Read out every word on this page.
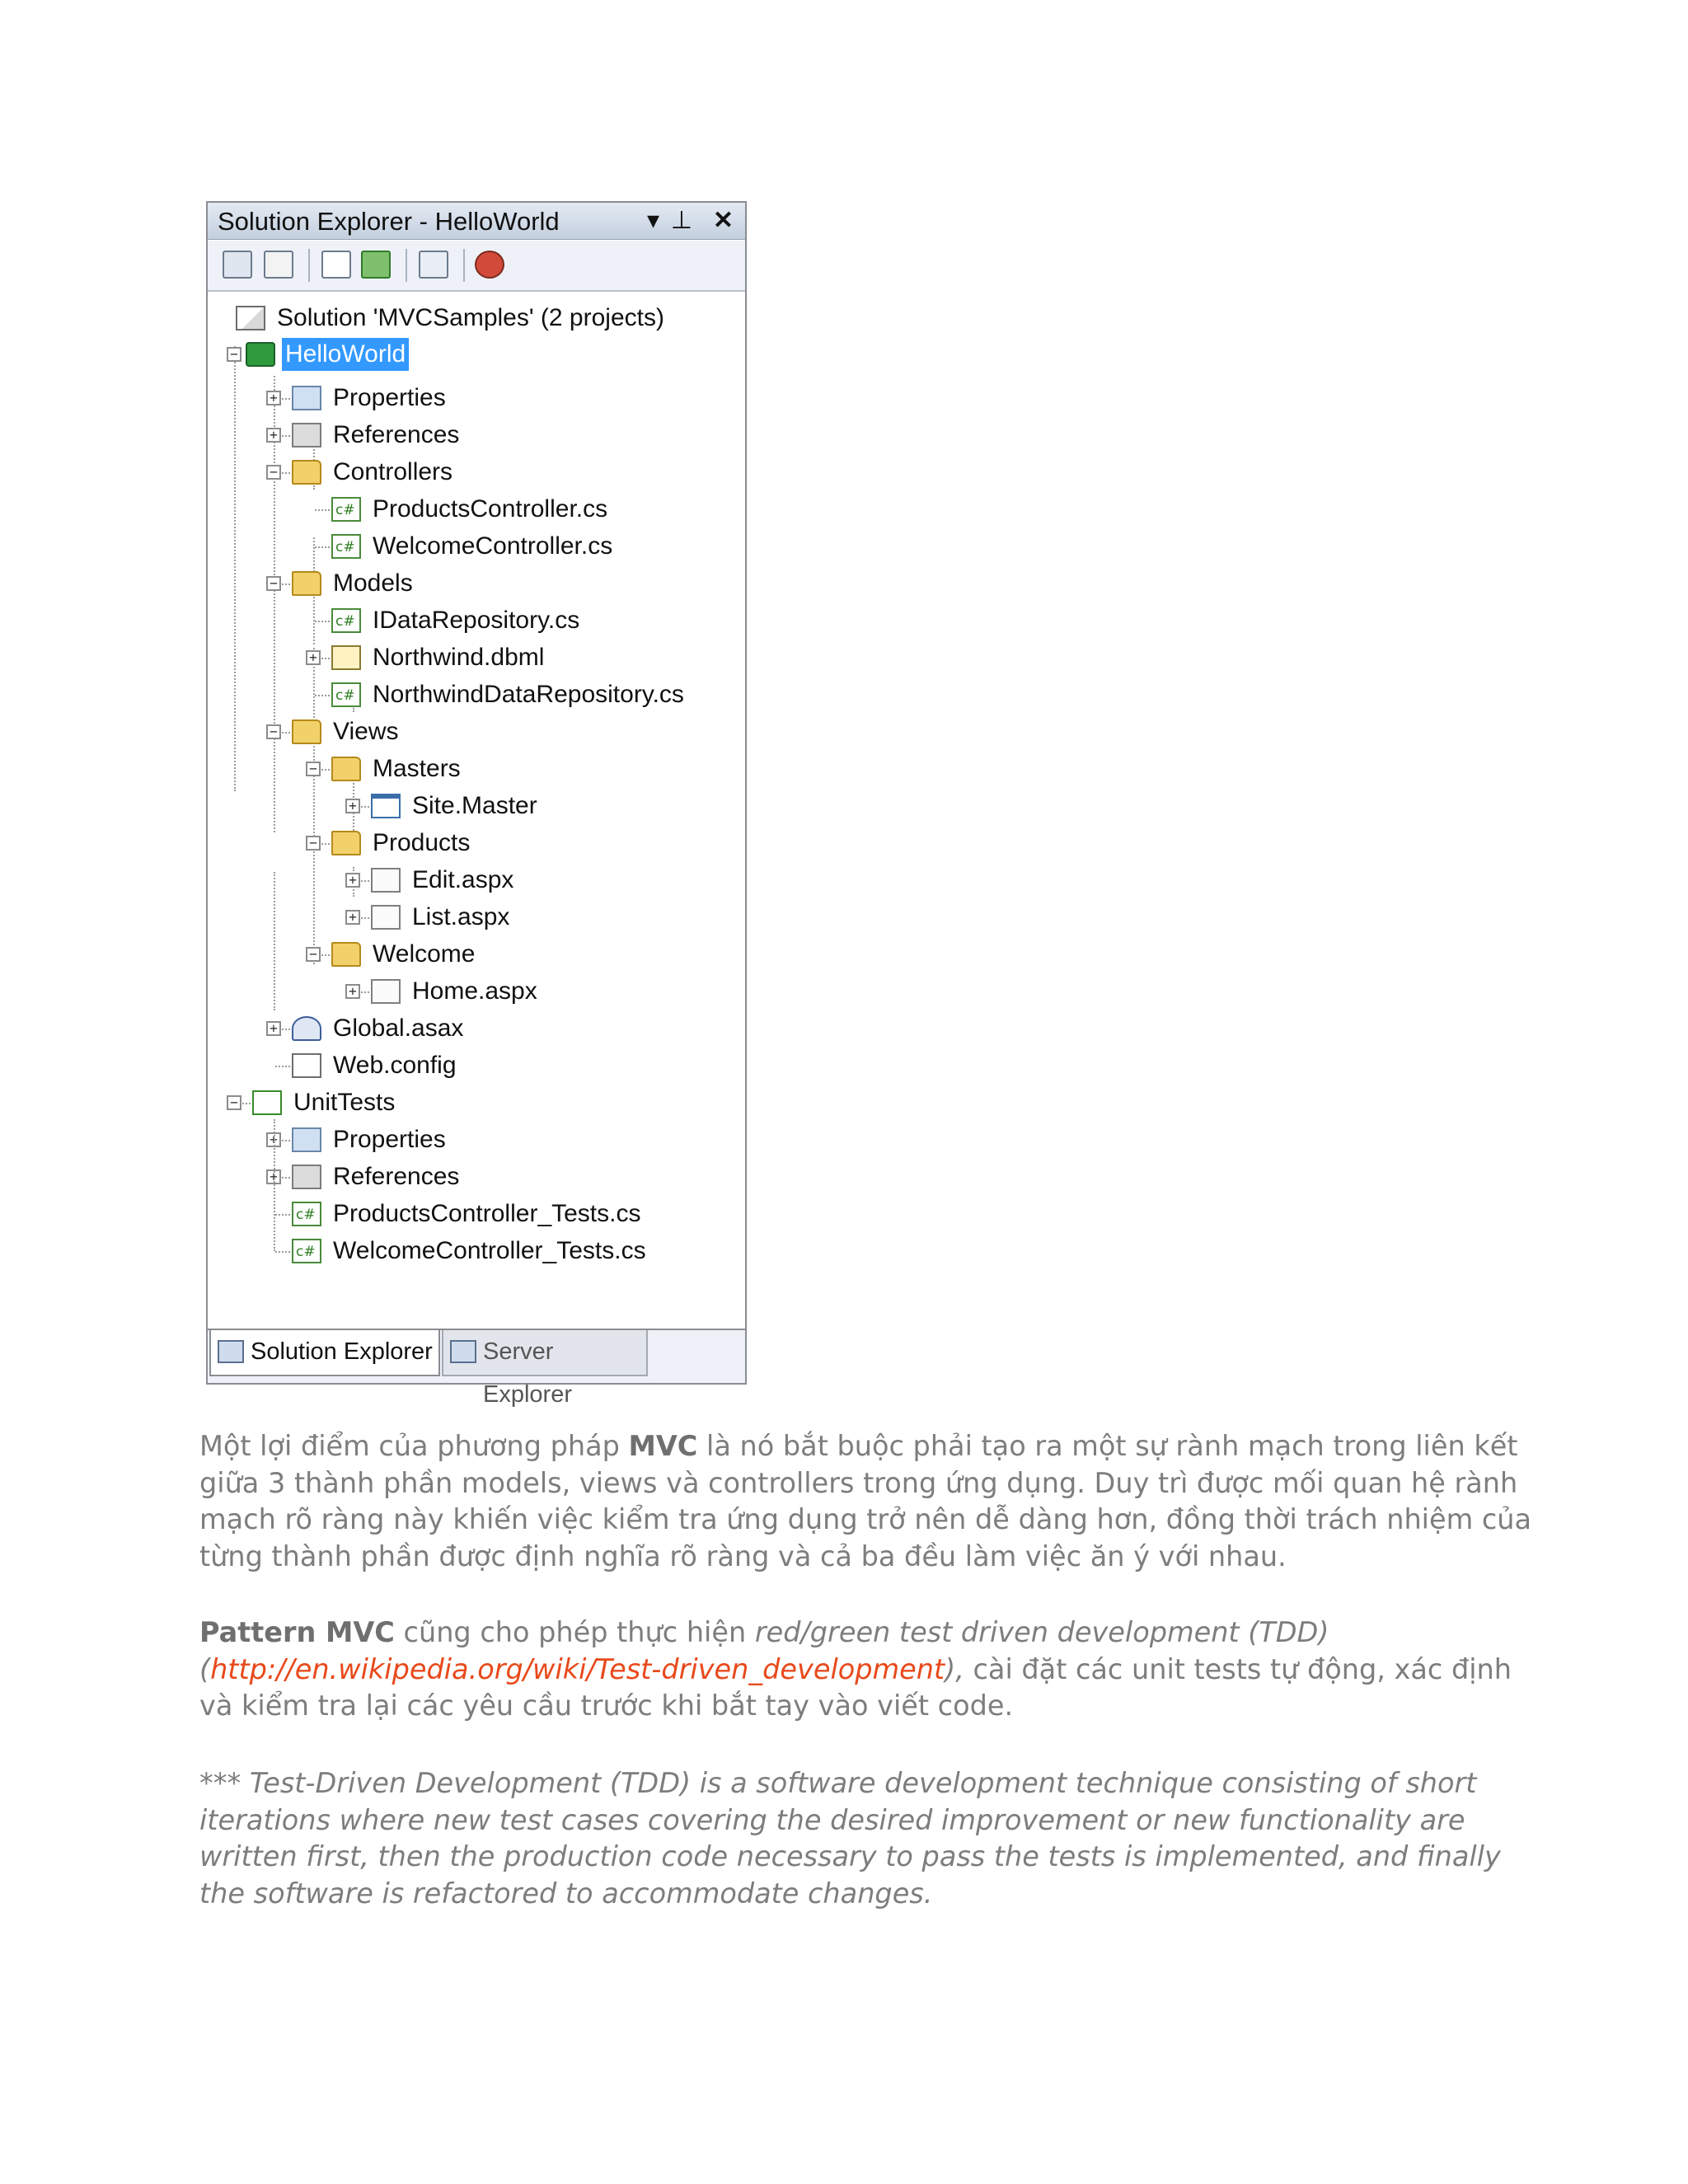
Solution Explorer - HelloWorld	▾ ⊥ ✕
Solution 'MVCSamples' (2 projects)
− HelloWorld
+ Properties
+ References
− Controllers
c#
ProductsController.cs
c#
WelcomeController.cs
− Models
c#
IDataRepository.cs
+ Northwind.dbml
c#
NorthwindDataRepository.cs
− Views
− Masters
+ Site.Master
− Products
+ Edit.aspx
+ List.aspx
− Welcome
+ Home.aspx
+ Global.asax
Web.config
− UnitTests
+ Properties
+ References
c#
ProductsController_Tests.cs
c#
WelcomeController_Tests.cs
Solution Explorer Server Explorer

Một lợi điểm của phương pháp MVC là nó bắt buộc phải tạo ra một sự rành mạch trong liên kết giữa 3 thành phần models, views và controllers trong ứng dụng. Duy trì được mối quan hệ rành mạch rõ ràng này khiến việc kiểm tra ứng dụng trở nên dễ dàng hơn, đồng thời trách nhiệm của từng thành phần được định nghĩa rõ ràng và cả ba đều làm việc ăn ý với nhau.

Pattern MVC cũng cho phép thực hiện red/green test driven development (TDD) (http://en.wikipedia.org/wiki/Test-driven_development), cài đặt các unit tests tự động, xác định và kiểm tra lại các yêu cầu trước khi bắt tay vào viết code.

*** Test-Driven Development (TDD) is a software development technique consisting of short iterations where new test cases covering the desired improvement or new functionality are written first, then the production code necessary to pass the tests is implemented, and finally the software is refactored to accommodate changes.
